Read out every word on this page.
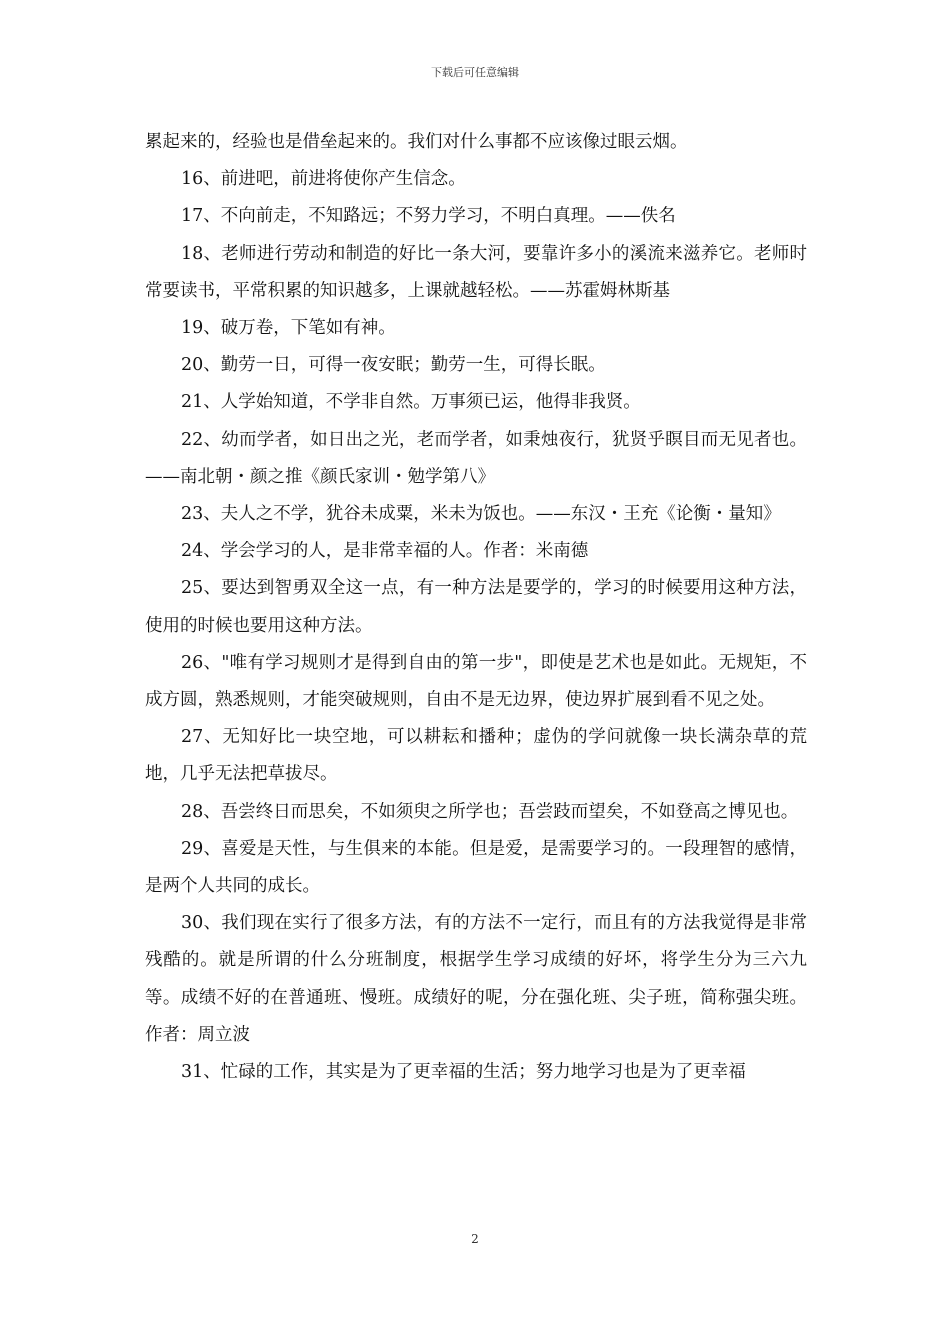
下载后可任意编辑

累起来的，经验也是借垒起来的。我们对什么事都不应该像过眼云烟。

16、前进吧，前进将使你产生信念。

17、不向前走，不知路远；不努力学习，不明白真理。——佚名

18、老师进行劳动和制造的好比一条大河，要靠许多小的溪流来滋养它。老师时常要读书，平常积累的知识越多，上课就越轻松。——苏霍姆林斯基

19、破万卷，下笔如有神。

20、勤劳一日，可得一夜安眠；勤劳一生，可得长眠。

21、人学始知道，不学非自然。万事须已运，他得非我贤。

22、幼而学者，如日出之光，老而学者，如秉烛夜行，犹贤乎瞑目而无见者也。——南北朝・颜之推《颜氏家训・勉学第八》

23、夫人之不学，犹谷未成粟，米未为饭也。——东汉・王充《论衡・量知》

24、学会学习的人，是非常幸福的人。作者：米南德

25、要达到智勇双全这一点，有一种方法是要学的，学习的时候要用这种方法，使用的时候也要用这种方法。

26、"唯有学习规则才是得到自由的第一步"，即使是艺术也是如此。无规矩，不成方圆，熟悉规则，才能突破规则，自由不是无边界，使边界扩展到看不见之处。

27、无知好比一块空地，可以耕耘和播种；虚伪的学问就像一块长满杂草的荒地，几乎无法把草拔尽。

28、吾尝终日而思矣，不如须臾之所学也；吾尝跂而望矣，不如登高之博见也。

29、喜爱是天性，与生俱来的本能。但是爱，是需要学习的。一段理智的感情，是两个人共同的成长。

30、我们现在实行了很多方法，有的方法不一定行，而且有的方法我觉得是非常残酷的。就是所谓的什么分班制度，根据学生学习成绩的好坏，将学生分为三六九等。成绩不好的在普通班、慢班。成绩好的呢，分在强化班、尖子班，简称强尖班。作者：周立波

31、忙碌的工作，其实是为了更幸福的生活；努力地学习也是为了更幸福

2
